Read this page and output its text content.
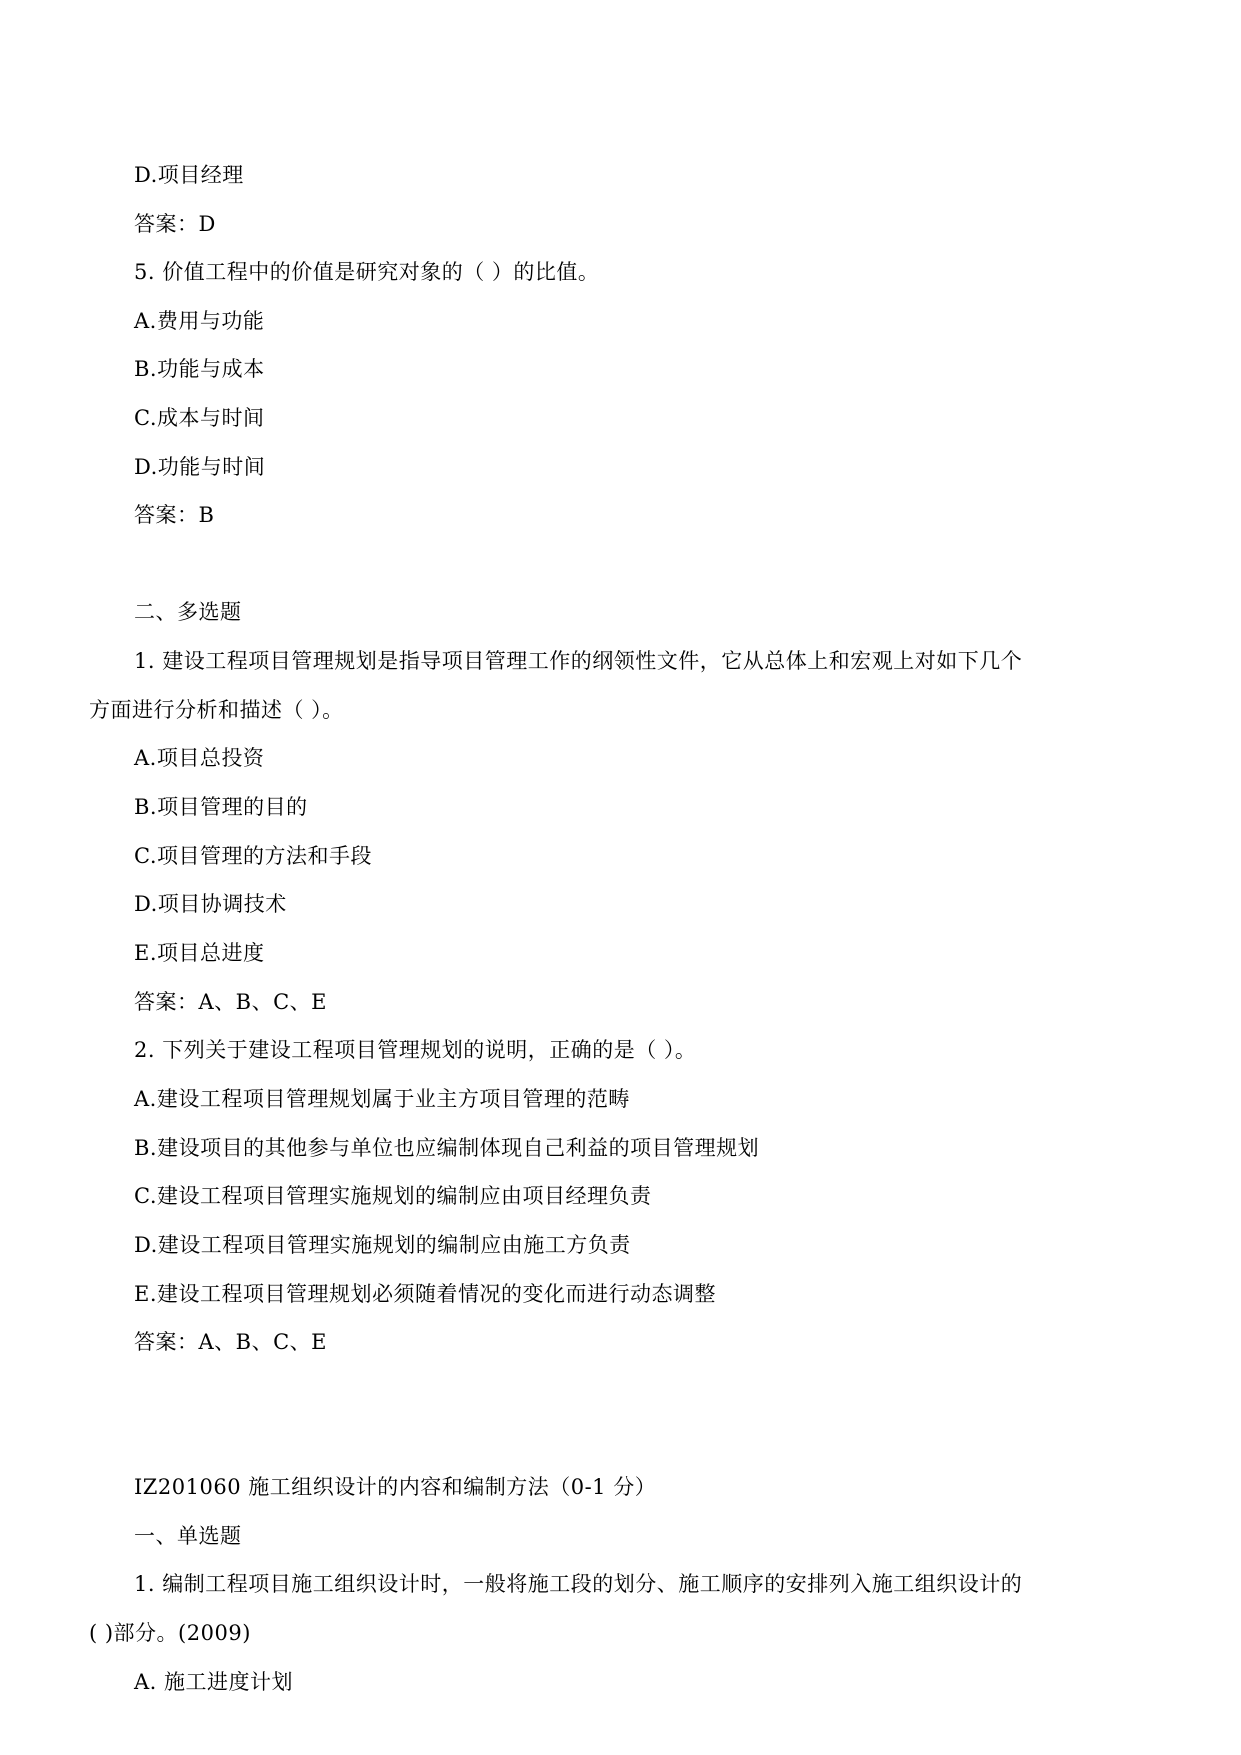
D.项目经理
答案：D
5. 价值工程中的价值是研究对象的（ ）的比值。
A.费用与功能
B.功能与成本
C.成本与时间
D.功能与时间
答案：B
二、多选题
1. 建设工程项目管理规划是指导项目管理工作的纲领性文件，它从总体上和宏观上对如下几个
方面进行分析和描述（ ）。
A.项目总投资
B.项目管理的目的
C.项目管理的方法和手段
D.项目协调技术
E.项目总进度
答案：A、B、C、E
2. 下列关于建设工程项目管理规划的说明，正确的是（ ）。
A.建设工程项目管理规划属于业主方项目管理的范畴
B.建设项目的其他参与单位也应编制体现自己利益的项目管理规划
C.建设工程项目管理实施规划的编制应由项目经理负责
D.建设工程项目管理实施规划的编制应由施工方负责
E.建设工程项目管理规划必须随着情况的变化而进行动态调整
答案：A、B、C、E
IZ201060 施工组织设计的内容和编制方法（0-1 分）
一、单选题
1. 编制工程项目施工组织设计时，一般将施工段的划分、施工顺序的安排列入施工组织设计的
( )部分。(2009)
A. 施工进度计划
